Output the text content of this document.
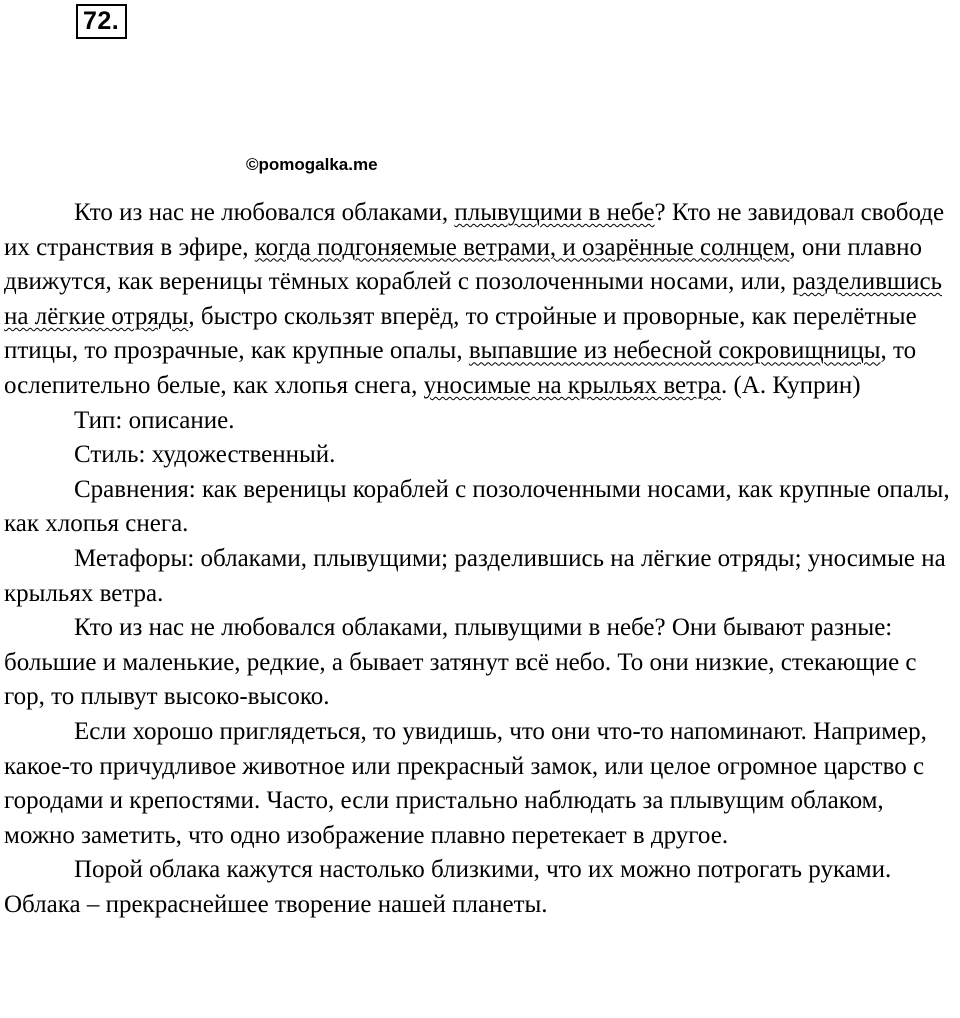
72.
©pomogalka.me

Кто из нас не любовался облаками, плывущими в небе? Кто не завидовал свободе их странствия в эфире, когда подгоняемые ветрами, и озарённые солнцем, они плавно движутся, как вереницы тёмных кораблей с позолоченными носами, или, разделившись на лёгкие отряды, быстро скользят вперёд, то стройные и проворные, как перелётные птицы, то прозрачные, как крупные опалы, выпавшие из небесной сокровищницы, то ослепительно белые, как хлопья снега, уносимые на крыльях ветра. (А. Куприн)

Тип: описание.

Стиль: художественный.

Сравнения: как вереницы кораблей с позолоченными носами, как крупные опалы, как хлопья снега.

Метафоры: облаками, плывущими; разделившись на лёгкие отряды; уносимые на крыльях ветра.

Кто из нас не любовался облаками, плывущими в небе? Они бывают разные: большие и маленькие, редкие, а бывает затянут всё небо. То они низкие, стекающие с гор, то плывут высоко-высоко.

Если хорошо приглядеться, то увидишь, что они что-то напоминают. Например, какое-то причудливое животное или прекрасный замок, или целое огромное царство с городами и крепостями. Часто, если пристально наблюдать за плывущим облаком, можно заметить, что одно изображение плавно перетекает в другое.

Порой облака кажутся настолько близкими, что их можно потрогать руками. Облака – прекраснейшее творение нашей планеты.
